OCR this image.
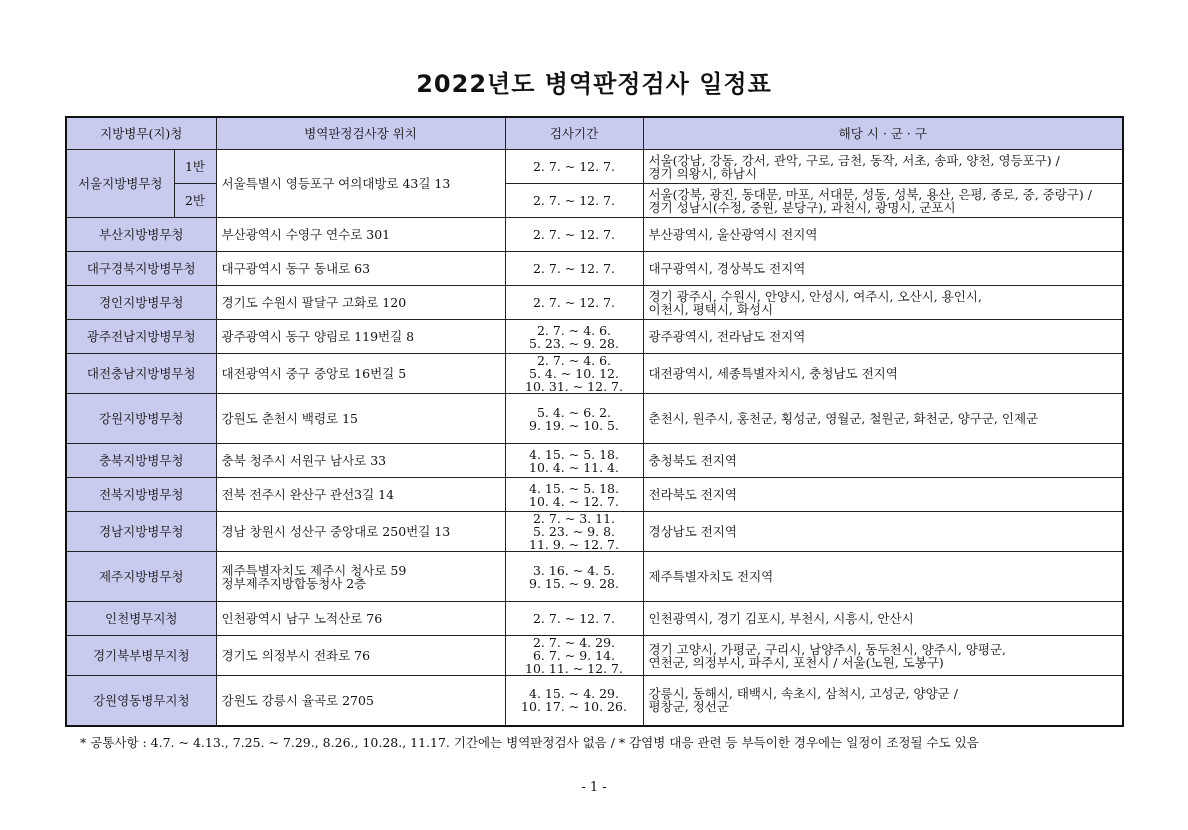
2022년도 병역판정검사 일정표
지방병무(지)청		병역판정검사장 위치	검사기간	해당 시 · 군 · 구
서울지방병무청	1반	서울특별시 영등포구 여의대방로 43길 13	2. 7. ~ 12. 7.	서울(강남, 강동, 강서, 관악, 구로, 금천, 동작, 서초, 송파, 양천, 영등포구) /
경기 의왕시, 하남시
	2반		2. 7. ~ 12. 7.	서울(강북, 광진, 동대문, 마포, 서대문, 성동, 성북, 용산, 은평, 종로, 중, 중랑구) /
경기 성남시(수정, 중원, 분당구), 과천시, 광명시, 군포시
부산지방병무청		부산광역시 수영구 연수로 301	2. 7. ~ 12. 7.	부산광역시, 울산광역시 전지역
대구경북지방병무청		대구광역시 동구 동내로 63	2. 7. ~ 12. 7.	대구광역시, 경상북도 전지역
경인지방병무청		경기도 수원시 팔달구 고화로 120	2. 7. ~ 12. 7.	경기 광주시, 수원시, 안양시, 안성시, 여주시, 오산시, 용인시,
이천시, 평택시, 화성시
광주전남지방병무청		광주광역시 동구 양림로 119번길 8	2. 7. ~ 4. 6.
5. 23. ~ 9. 28.	광주광역시, 전라남도 전지역
대전충남지방병무청		대전광역시 중구 중앙로 16번길 5	2. 7. ~ 4. 6.
5. 4. ~ 10. 12.
10. 31. ~ 12. 7.	대전광역시, 세종특별자치시, 충청남도 전지역
강원지방병무청		강원도 춘천시 백령로 15	5. 4. ~ 6. 2.
9. 19. ~ 10. 5.	춘천시, 원주시, 홍천군, 횡성군, 영월군, 철원군, 화천군, 양구군, 인제군
충북지방병무청		충북 청주시 서원구 남사로 33	4. 15. ~ 5. 18.
10. 4. ~ 11. 4.	충청북도 전지역
전북지방병무청		전북 전주시 완산구 관선3길 14	4. 15. ~ 5. 18.
10. 4. ~ 12. 7.	전라북도 전지역
경남지방병무청		경남 창원시 성산구 중앙대로 250번길 13	2. 7. ~ 3. 11.
5. 23. ~ 9. 8.
11. 9. ~ 12. 7.	경상남도 전지역
제주지방병무청		제주특별자치도 제주시 청사로 59
정부제주지방합동청사 2층	3. 16. ~ 4. 5.
9. 15. ~ 9. 28.	제주특별자치도 전지역
인천병무지청		인천광역시 남구 노적산로 76	2. 7. ~ 12. 7.	인천광역시, 경기 김포시, 부천시, 시흥시, 안산시
경기북부병무지청		경기도 의정부시 전좌로 76	2. 7. ~ 4. 29.
6. 7. ~ 9. 14.
10. 11. ~ 12. 7.	경기 고양시, 가평군, 구리시, 남양주시, 동두천시, 양주시, 양평군,
연천군, 의정부시, 파주시, 포천시 / 서울(노원, 도봉구)
강원영동병무지청		강원도 강릉시 율곡로 2705	4. 15. ~ 4. 29.
10. 17. ~ 10. 26.	강릉시, 동해시, 태백시, 속초시, 삼척시, 고성군, 양양군 /
평창군, 정선군
* 공통사항 : 4.7. ~ 4.13., 7.25. ~ 7.29., 8.26., 10.28., 11.17. 기간에는 병역판정검사 없음 / * 감염병 대응 관련 등 부득이한 경우에는 일정이 조정될 수도 있음
- 1 -
